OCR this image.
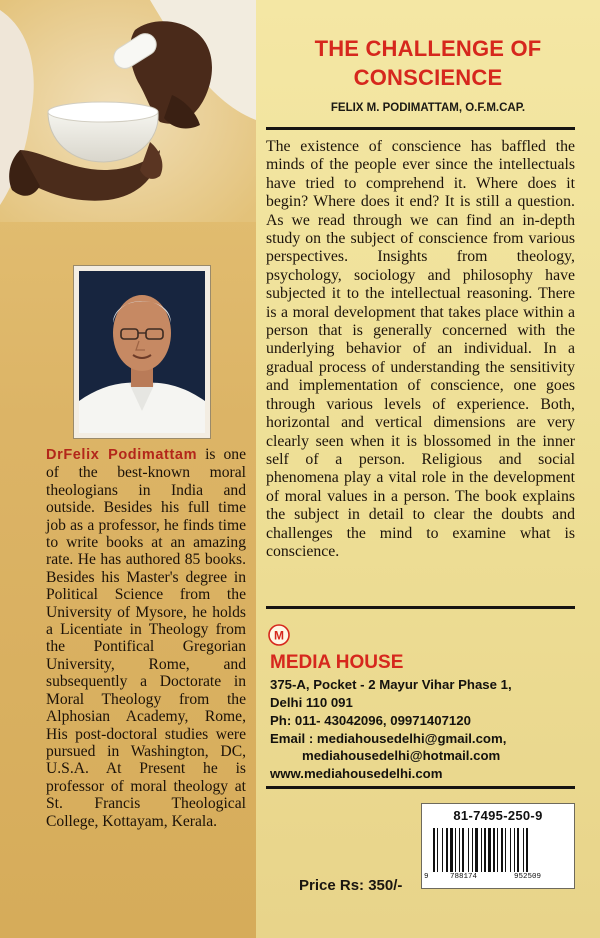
DrFelix Podimattam is one of the best-known moral theologians in India and outside. Besides his full time job as a professor, he finds time to write books at an amazing rate. He has authored 85 books. Besides his Master's degree in Political Science from the University of Mysore, he holds a Licentiate in Theology from the Pontifical Gregorian University, Rome, and subsequently a Doctorate in Moral Theology from the Alphosian Academy, Rome, His post-doctoral studies were pursued in Washington, DC, U.S.A. At Present he is professor of moral theology at St. Francis Theological College, Kottayam, Kerala.
THE CHALLENGE OF
CONSCIENCE
FELIX M. PODIMATTAM, O.F.M.CAP.
The existence of conscience has baffled the minds of the people ever since the intellectuals have tried to comprehend it. Where does it begin? Where does it end? It is still a question. As we read through we can find an in-depth study on the subject of conscience from various perspectives. Insights from theology, psychology, sociology and philosophy have subjected it to the intellectual reasoning. There is a moral development that takes place within a person that is generally concerned with the underlying behavior of an individual. In a gradual process of understanding the sensitivity and implementation of conscience, one goes through various levels of experience. Both, horizontal and vertical dimensions are very clearly seen when it is blossomed in the inner self of a person. Religious and social phenomena play a vital role in the development of moral values in a person. The book explains the subject in detail to clear the doubts and challenges the mind to examine what is conscience.
M
MEDIA HOUSE
375-A, Pocket - 2 Mayur Vihar Phase 1,
Delhi 110 091
Ph: 011- 43042096, 09971407120
Email : mediahousedelhi@gmail.com,
mediahousedelhi@hotmail.com
www.mediahousedelhi.com
81-7495-250-9
9	788174	952509
Price Rs: 350/-
